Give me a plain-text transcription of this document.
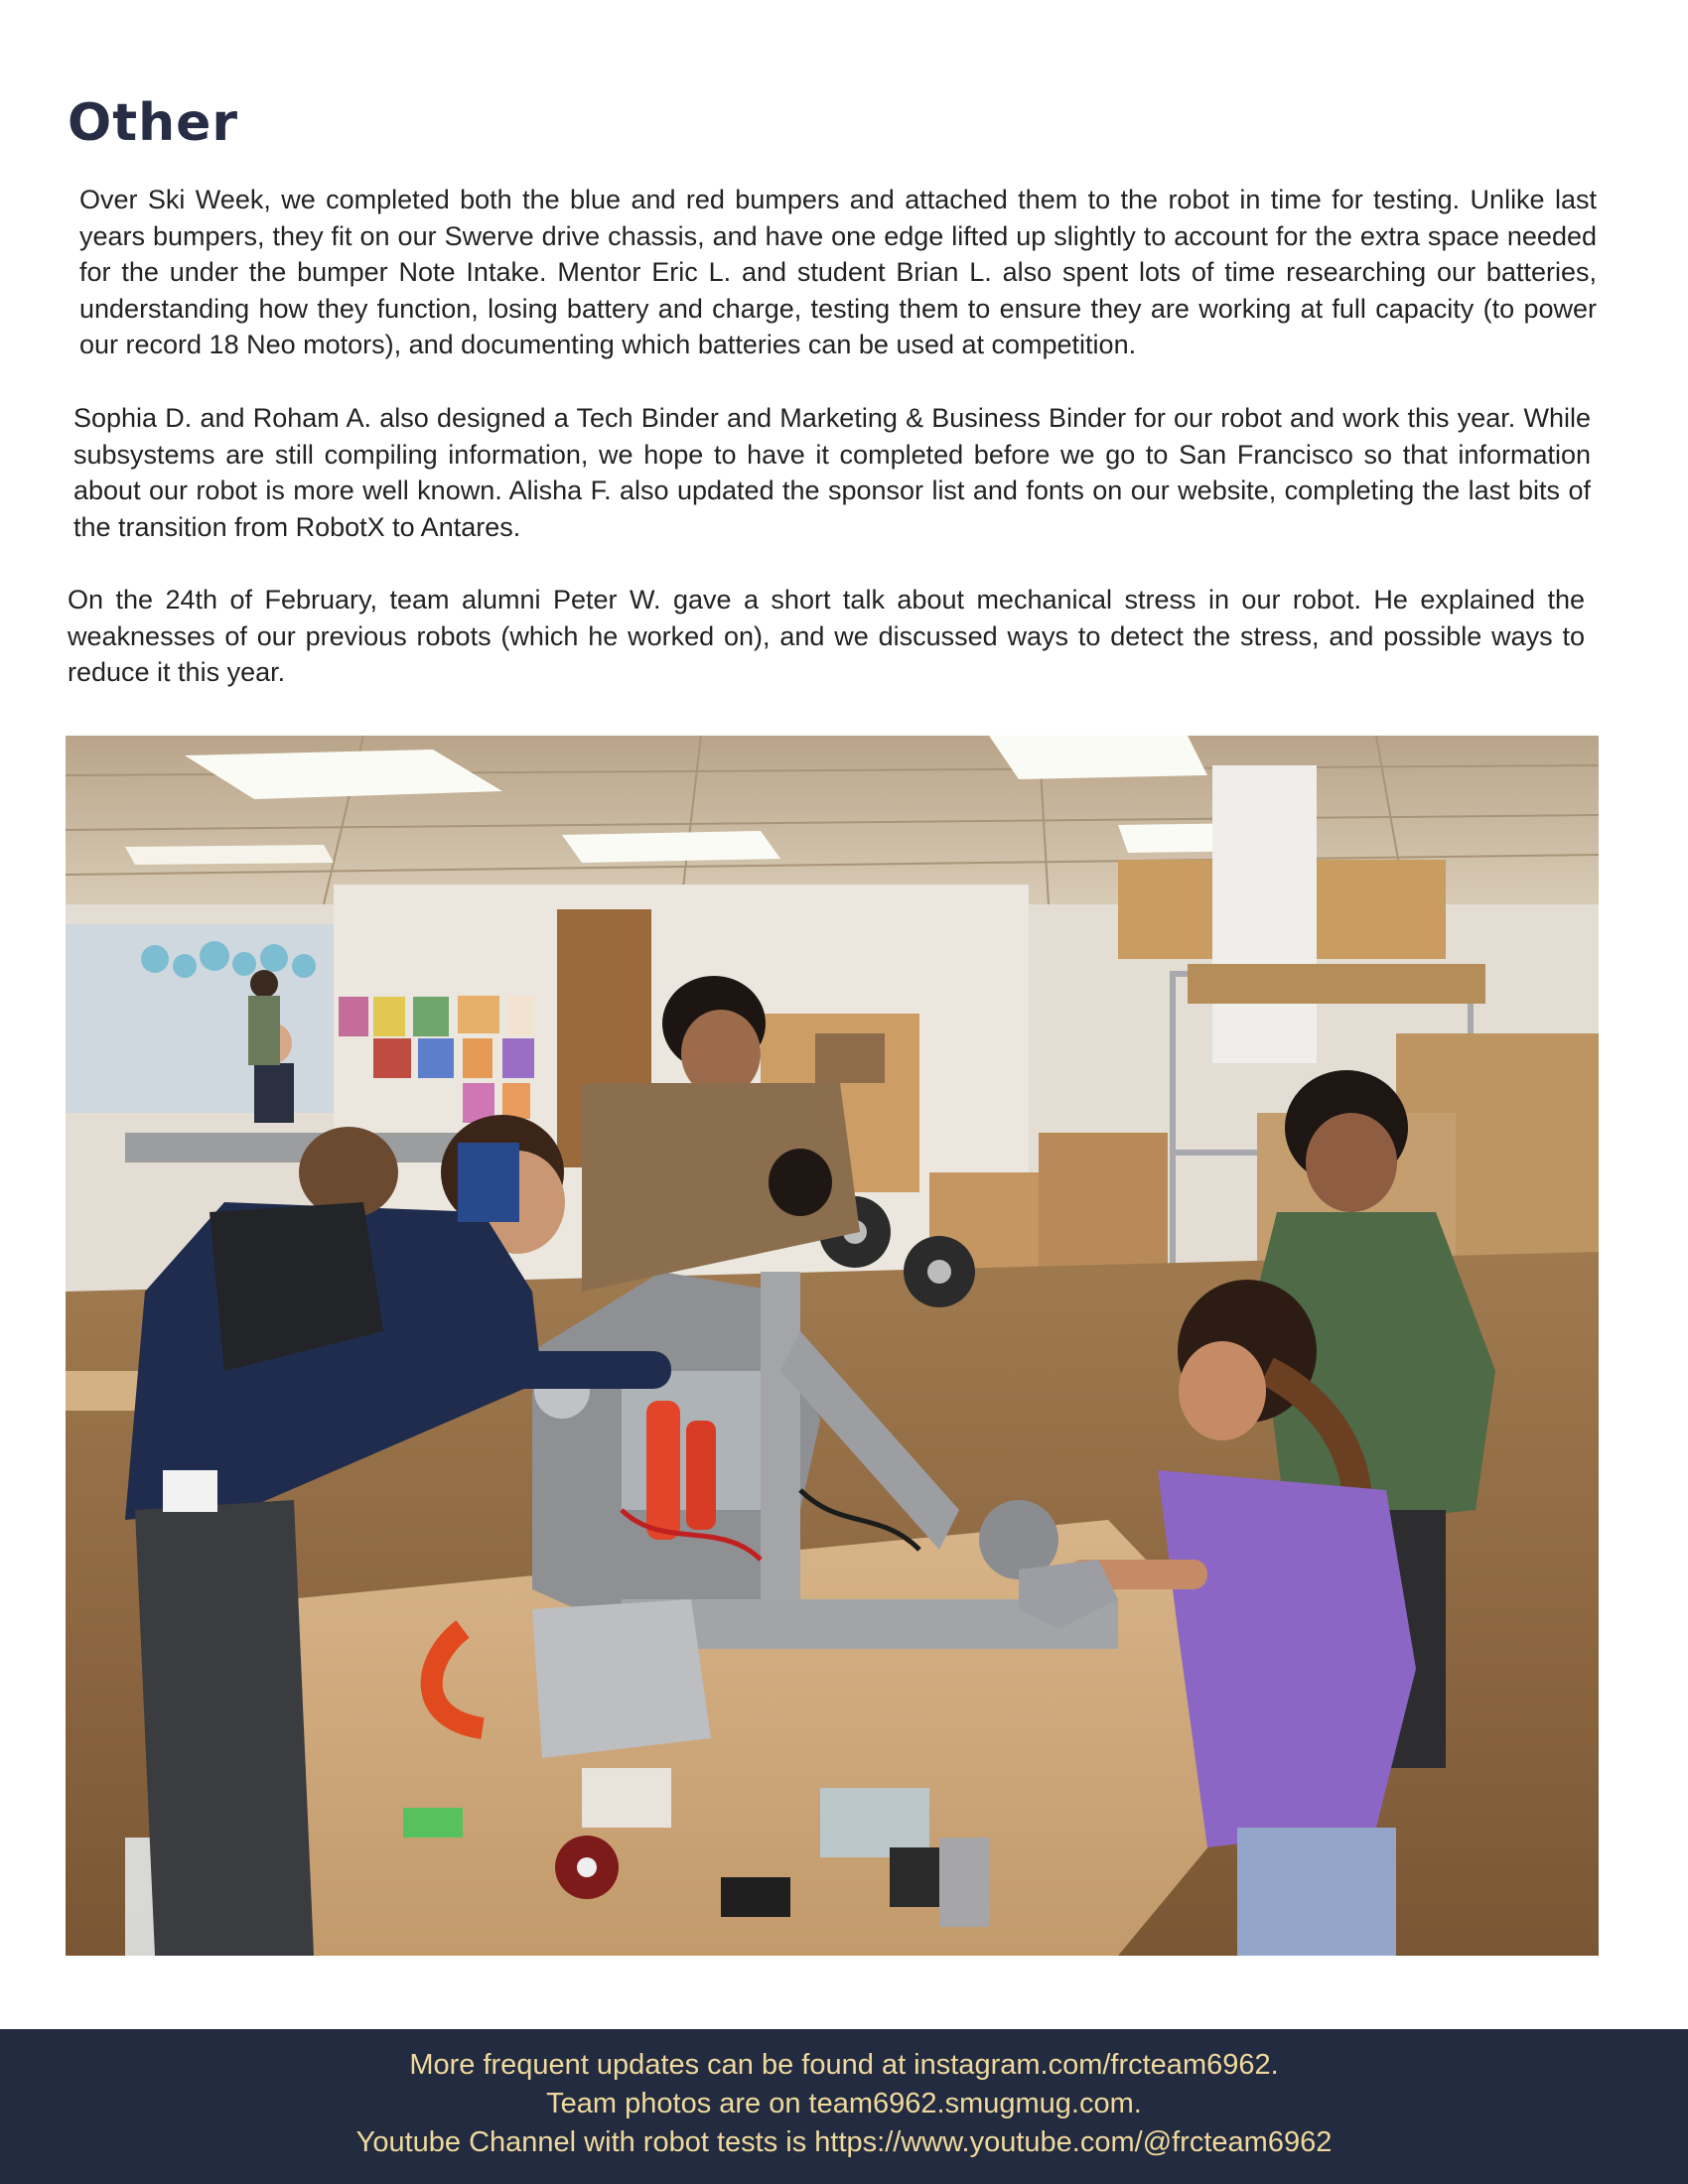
Other

Over Ski Week, we completed both the blue and red bumpers and attached them to the robot in time for testing. Unlike last years bumpers, they fit on our Swerve drive chassis, and have one edge lifted up slightly to account for the extra space needed for the under the bumper Note Intake. Mentor Eric L. and student Brian L. also spent lots of time researching our batteries, understanding how they function, losing battery and charge, testing them to ensure they are working at full capacity (to power our record 18 Neo motors), and documenting which batteries can be used at competition.

Sophia D. and Roham A. also designed a Tech Binder and Marketing & Business Binder for our robot and work this year. While subsystems are still compiling information, we hope to have it completed before we go to San Francisco so that information about our robot is more well known. Alisha F. also updated the sponsor list and fonts on our website, completing the last bits of the transition from RobotX to Antares.

On the 24th of February, team alumni Peter W. gave a short talk about mechanical stress in our robot. He explained the weaknesses of our previous robots (which he worked on), and we discussed ways to detect the stress, and possible ways to reduce it this year.

More frequent updates can be found at instagram.com/frcteam6962.
Team photos are on team6962.smugmug.com.
Youtube Channel with robot tests is https://www.youtube.com/@frcteam6962
